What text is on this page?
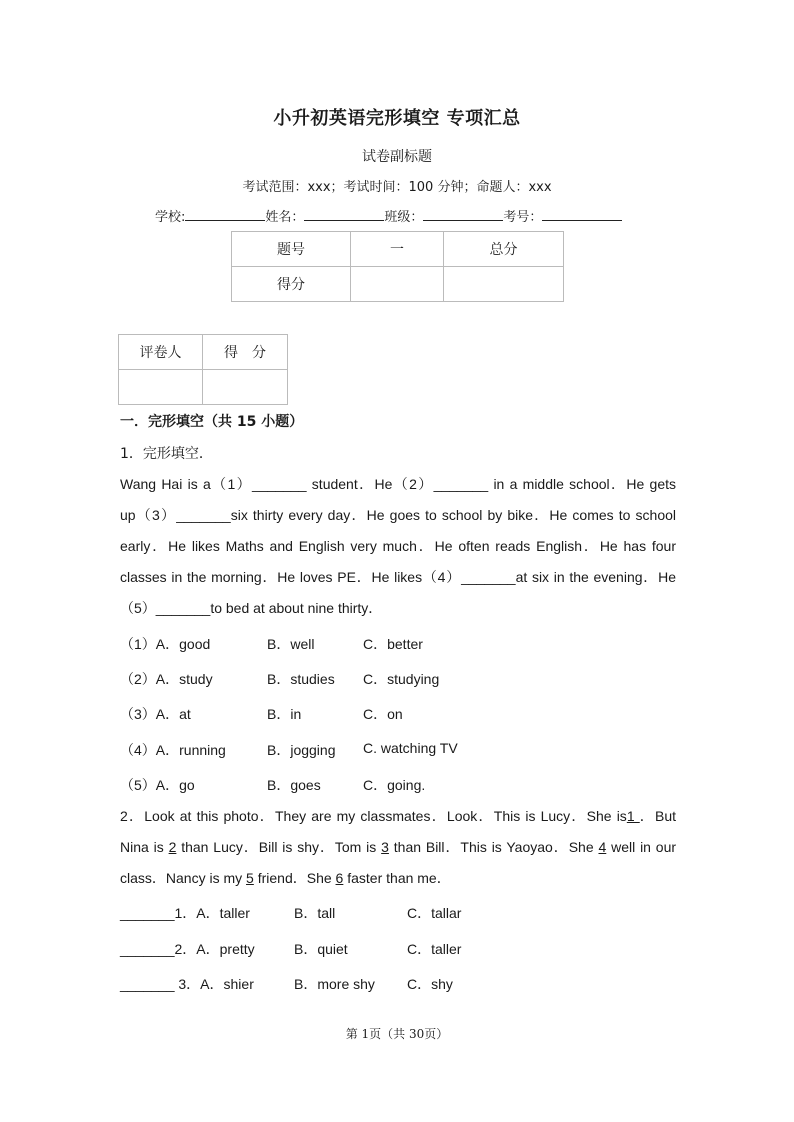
小升初英语完形填空 专项汇总
试卷副标题
考试范围：xxx；考试时间：100 分钟；命题人：xxx
学校:	姓名：	班级：	考号：
题号	一	总分
得分		
评卷人	得　分

一．完形填空（共 15 小题）
1．完形填空．
Wang Hai is a（1）_______ student．He（2）_______ in a middle school．He gets
up（3）_______six thirty every day．He goes to school by bike．He comes to school
early．He likes Maths and English very much．He often reads English．He has four
classes in the morning．He loves PE．He likes（4）_______at six in the evening．He
（5）_______to bed at about nine thirty．
（1）A．good	B．well	C．better
（2）A．study	B．studies C．studying
（3）A．at	B．in	C．on
（4）A．running	B．jogging C. watching TV
（5）A．go	B．goes	C．going.
2．Look at this photo．They are my classmates．Look．This is Lucy．She is1 ．But
Nina is 2 than Lucy．Bill is shy．Tom is 3 than Bill．This is Yaoyao．She 4 well in our
class．Nancy is my 5 friend．She 6 faster than me．
_______1．A．taller	B．tall	C．tallar
_______2．A．pretty	B．quiet	C．taller
_______ 3．A．shier	B．more shy C．shy
第 1页（共 30页）
